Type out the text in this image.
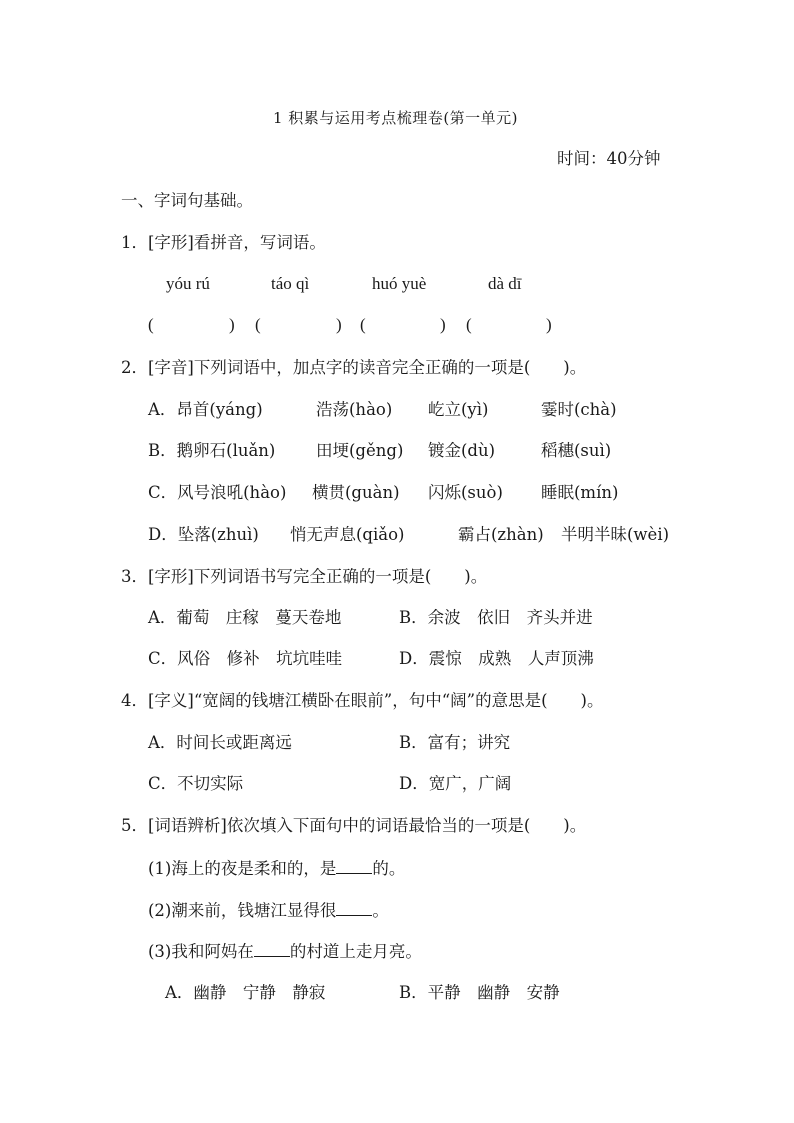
1 积累与运用考点梳理卷(第一单元)
时间：40分钟
一、字词句基础。
1．[字形]看拼音，写词语。
yóu rú	táo qì	huó yuè	dà dī
(	) (	) (	) (	)
2．[字音]下列词语中，加点字的读音完全正确的一项是(　　)。
A．昂首(yáng)	浩荡(hào) 屹立(yì)	霎时(chà)
B．鹅卵石(luǎn) 田埂(gěng) 镀金(dù)	稻穗(suì)
C．风号浪吼(hào) 横贯(guàn) 闪烁(suò) 睡眠(mín)
D．坠落(zhuì) 悄无声息(qiǎo)	霸占(zhàn) 半明半昧(wèi)
3．[字形]下列词语书写完全正确的一项是(　　)。
A．葡萄　庄稼　蔓天卷地	B．余波　依旧　齐头并进
C．风俗　修补　坑坑哇哇	D．震惊　成熟　人声顶沸
4．[字义]“宽阔的钱塘江横卧在眼前”，句中“阔”的意思是(　　)。
A．时间长或距离远	B．富有；讲究
C．不切实际	D．宽广，广阔
5．[词语辨析]依次填入下面句中的词语最恰当的一项是(　　)。
(1)海上的夜是柔和的，是 的。
(2)潮来前，钱塘江显得很 。
(3)我和阿妈在 的村道上走月亮。
A．幽静　宁静　静寂	B．平静　幽静　安静
